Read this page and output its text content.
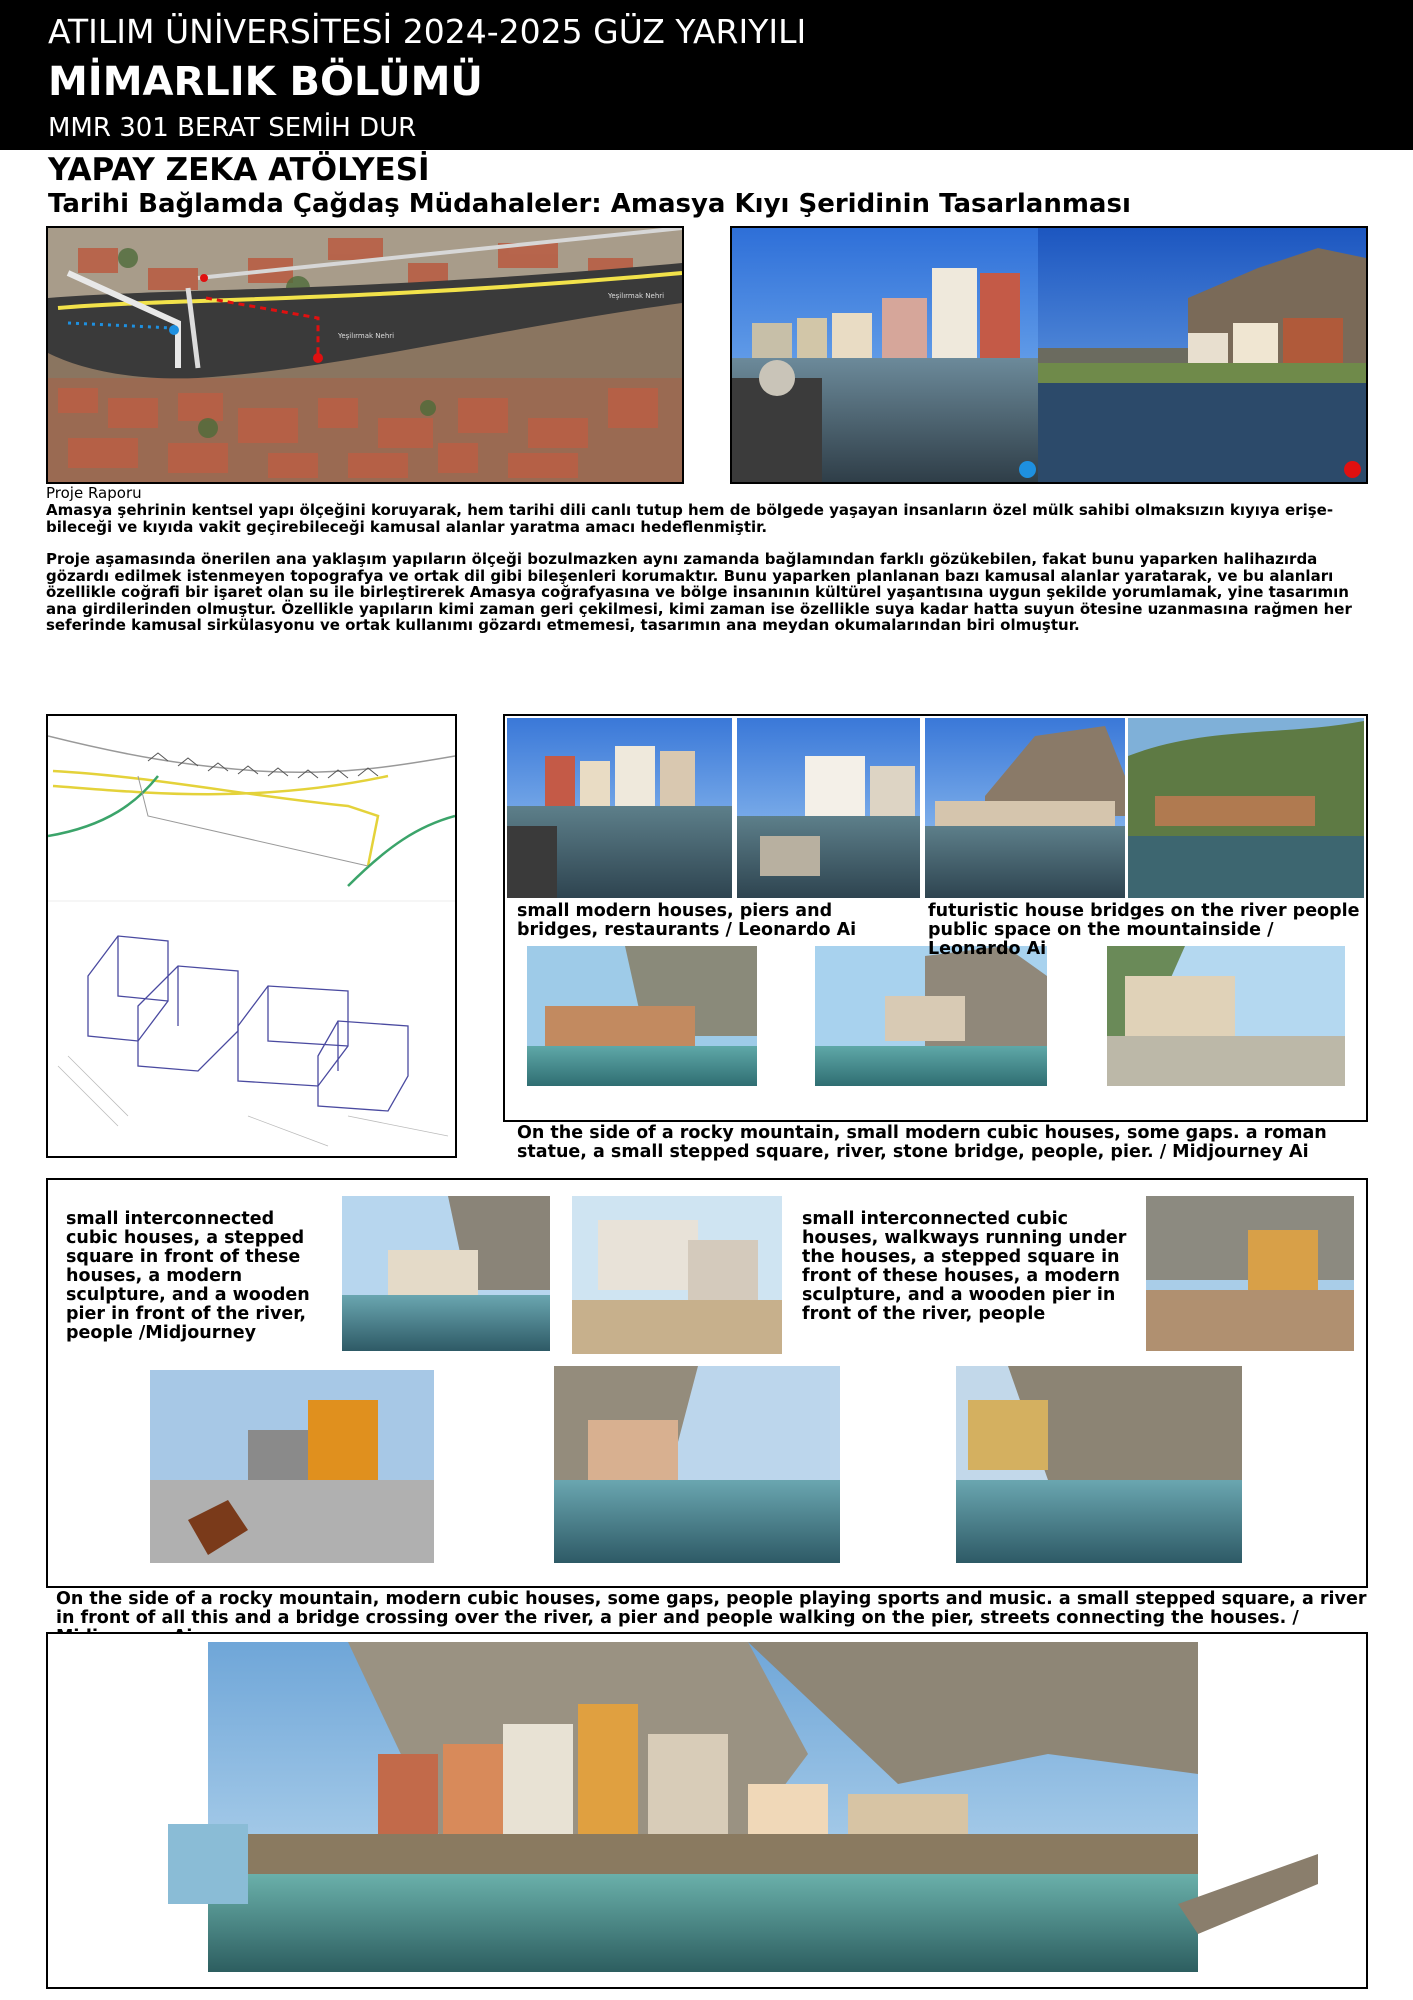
ATILIM ÜNİVERSİTESİ 2024-2025 GÜZ YARIYILI
MİMARLIK BÖLÜMÜ
MMR 301 BERAT SEMİH DUR
YAPAY ZEKA ATÖLYESİ
Tarihi Bağlamda Çağdaş Müdahaleler: Amasya Kıyı Şeridinin Tasarlanması
Yeşilırmak Nehri
Yeşilırmak Nehri
Proje Raporu

Amasya şehrinin kentsel yapı ölçeğini koruyarak, hem tarihi dili canlı tutup hem de bölgede yaşayan insanların özel mülk sahibi olmaksızın kıyıya erişe-bileceği ve kıyıda vakit geçirebileceği kamusal alanlar yaratma amacı hedeflenmiştir.

Proje aşamasında önerilen ana yaklaşım yapıların ölçeği bozulmazken aynı zamanda bağlamından farklı gözükebilen, fakat bunu yaparken halihazırda gözardı edilmek istenmeyen topografya ve ortak dil gibi bileşenleri korumaktır. Bunu yaparken planlanan bazı kamusal alanlar yaratarak, ve bu alanları özellikle coğrafi bir işaret olan su ile birleştirerek Amasya coğrafyasına ve bölge insanının kültürel yaşantısına uygun şekilde yorumlamak, yine tasarımın ana girdilerinden olmuştur. Özellikle yapıların kimi zaman geri çekilmesi, kimi zaman ise özellikle suya kadar hatta suyun ötesine uzanmasına rağmen her seferinde kamusal sirkülasyonu ve ortak kullanımı gözardı etmemesi, tasarımın ana meydan okumalarından biri olmuştur.

small modern houses, piers and bridges, restaurants / Leonardo Ai
futuristic house bridges on the river people public space on the mountainside / Leonardo Ai
On the side of a rocky mountain, small modern cubic houses, some gaps. a roman statue, a small stepped square, river, stone bridge, people, pier. / Midjourney Ai
small interconnected cubic houses, a stepped square in front of these houses, a modern sculpture, and a wooden pier in front of the river, people /Midjourney
small interconnected cubic houses, walkways running under the houses, a stepped square in front of these houses, a modern sculpture, and a wooden pier in front of the river, people
On the side of a rocky mountain, modern cubic houses, some gaps, people playing sports and music. a small stepped square, a river in front of all this and a bridge crossing over the river, a pier and people walking on the pier, streets connecting the houses. /
